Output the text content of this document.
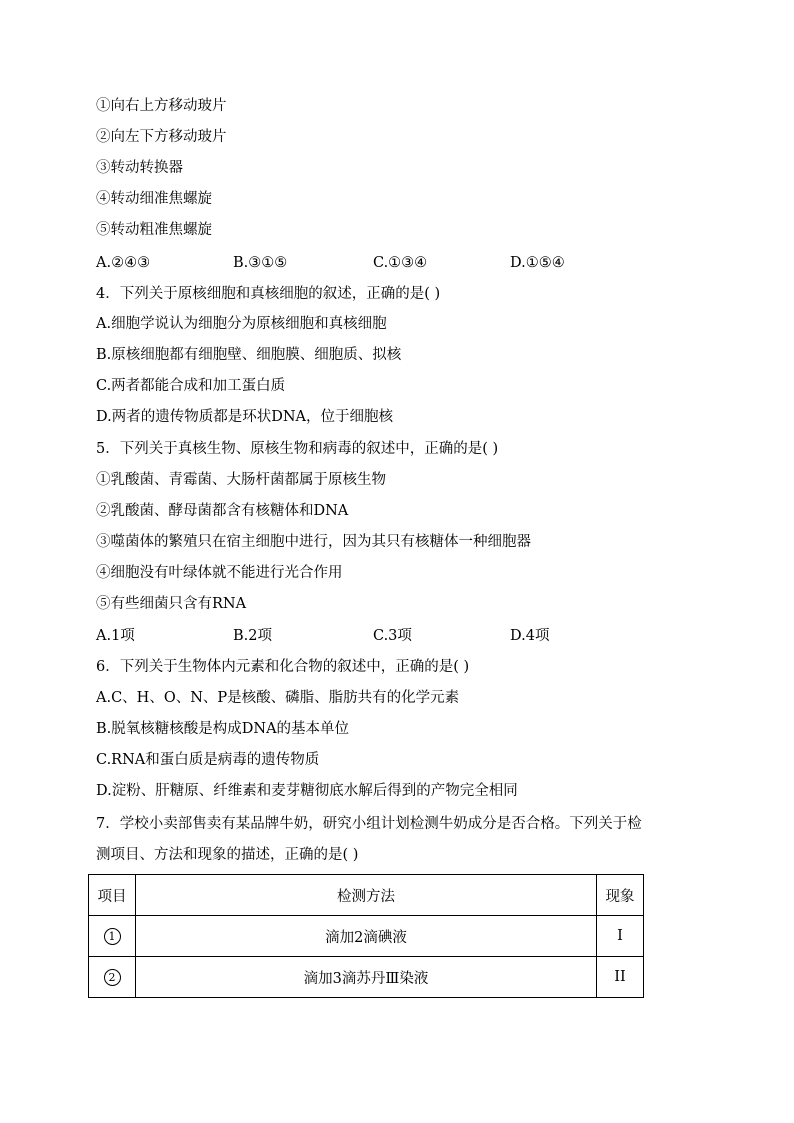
①向右上方移动玻片
②向左下方移动玻片
③转动转换器
④转动细准焦螺旋
⑤转动粗准焦螺旋
A.②④③	B.③①⑤	C.①③④	D.①⑤④
4．下列关于原核细胞和真核细胞的叙述，正确的是( )
A.细胞学说认为细胞分为原核细胞和真核细胞
B.原核细胞都有细胞壁、细胞膜、细胞质、拟核
C.两者都能合成和加工蛋白质
D.两者的遗传物质都是环状DNA，位于细胞核
5．下列关于真核生物、原核生物和病毒的叙述中，正确的是( )
①乳酸菌、青霉菌、大肠杆菌都属于原核生物
②乳酸菌、酵母菌都含有核糖体和DNA
③噬菌体的繁殖只在宿主细胞中进行，因为其只有核糖体一种细胞器
④细胞没有叶绿体就不能进行光合作用
⑤有些细菌只含有RNA
A.1项	B.2项	C.3项	D.4项
6．下列关于生物体内元素和化合物的叙述中，正确的是( )
A.C、H、O、N、P是核酸、磷脂、脂肪共有的化学元素
B.脱氧核糖核酸是构成DNA的基本单位
C.RNA和蛋白质是病毒的遗传物质
D.淀粉、肝糖原、纤维素和麦芽糖彻底水解后得到的产物完全相同
7．学校小卖部售卖有某品牌牛奶，研究小组计划检测牛奶成分是否合格。下列关于检
测项目、方法和现象的描述，正确的是( )
项目	检测方法	现象
1	滴加2滴碘液	I
2	滴加3滴苏丹Ⅲ染液	II
